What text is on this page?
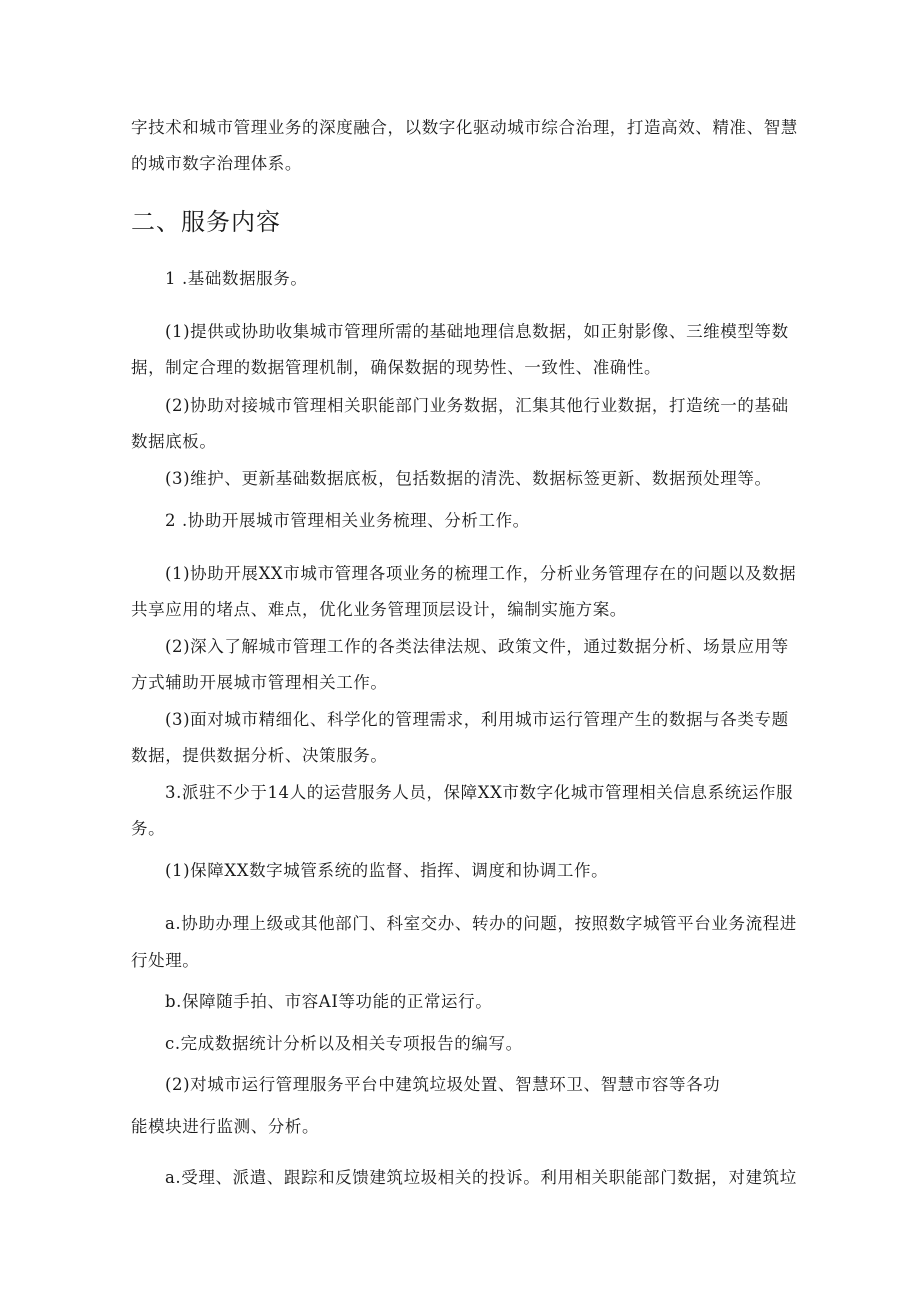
字技术和城市管理业务的深度融合，以数字化驱动城市综合治理，打造高效、精准、智慧
的城市数字治理体系。
二、服务内容
1 .基础数据服务。
(1)提供或协助收集城市管理所需的基础地理信息数据，如正射影像、三维模型等数
据，制定合理的数据管理机制，确保数据的现势性、一致性、准确性。
(2)协助对接城市管理相关职能部门业务数据，汇集其他行业数据，打造统一的基础
数据底板。
(3)维护、更新基础数据底板，包括数据的清洗、数据标签更新、数据预处理等。
2 .协助开展城市管理相关业务梳理、分析工作。
(1)协助开展XX市城市管理各项业务的梳理工作，分析业务管理存在的问题以及数据
共享应用的堵点、难点，优化业务管理顶层设计，编制实施方案。
(2)深入了解城市管理工作的各类法律法规、政策文件，通过数据分析、场景应用等
方式辅助开展城市管理相关工作。
(3)面对城市精细化、科学化的管理需求，利用城市运行管理产生的数据与各类专题
数据，提供数据分析、决策服务。
3.派驻不少于14人的运营服务人员，保障XX市数字化城市管理相关信息系统运作服
务。
(1)保障XX数字城管系统的监督、指挥、调度和协调工作。
a.协助办理上级或其他部门、科室交办、转办的问题，按照数字城管平台业务流程进
行处理。
b.保障随手拍、市容AI等功能的正常运行。
c.完成数据统计分析以及相关专项报告的编写。
(2)对城市运行管理服务平台中建筑垃圾处置、智慧环卫、智慧市容等各功
能模块进行监测、分析。
a.受理、派遣、跟踪和反馈建筑垃圾相关的投诉。利用相关职能部门数据，对建筑垃
